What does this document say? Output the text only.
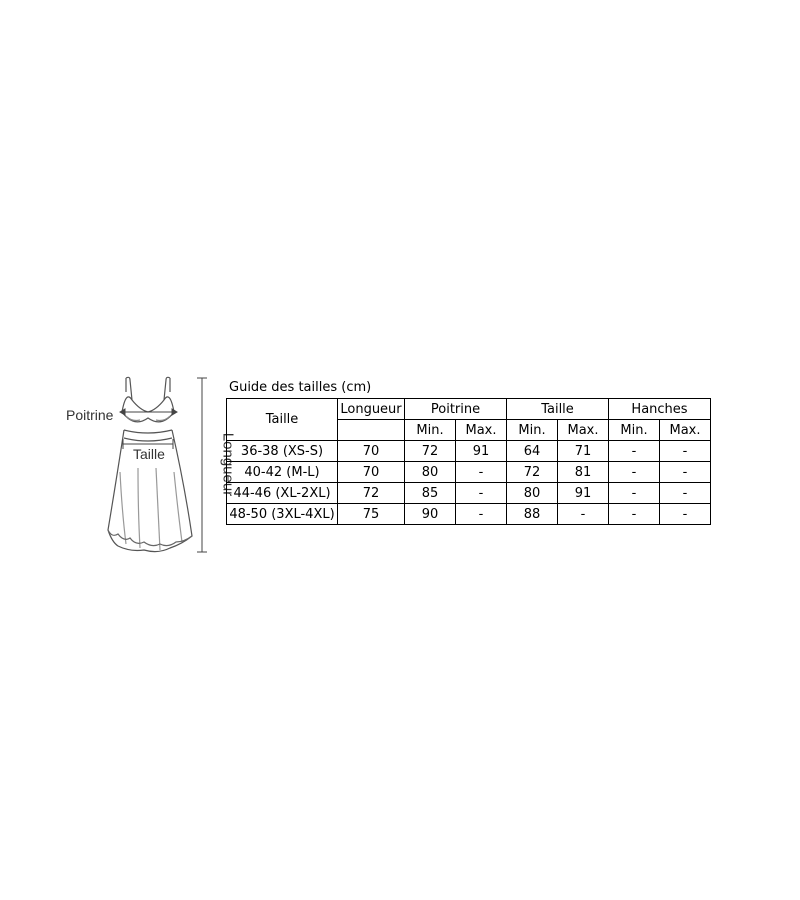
Poitrine
Taille	Longueur
Guide des tailles (cm)
Taille	Longueur	Poitrine		Taille		Hanches	
		Min.	Max.	Min.	Max.	Min.	Max.
36-38 (XS-S)	70	72	91	64	71	-	-
40-42 (M-L)	70	80	-	72	81	-	-
44-46 (XL-2XL)	72	85	-	80	91	-	-
48-50 (3XL-4XL)	75	90	-	88	-	-	-
